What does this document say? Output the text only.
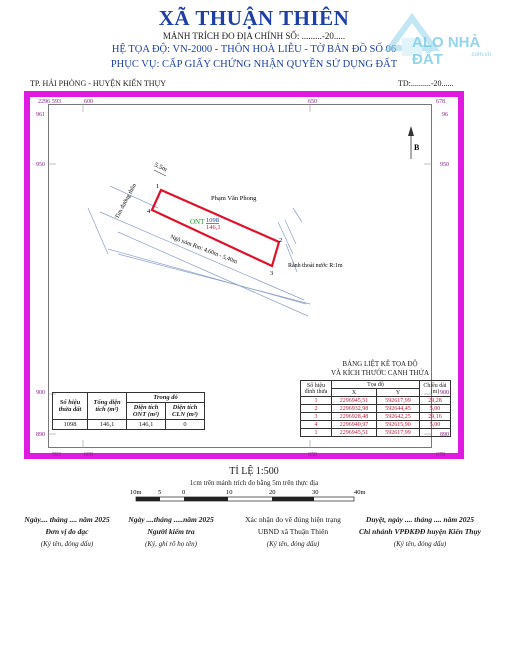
XÃ THUẬN THIÊN
MẢNH TRÍCH ĐO ĐỊA CHÍNH SỐ: .........-20.....
HỆ TỌA ĐỘ: VN-2000 - THÔN HOÀ LIỄU - TỜ BẢN ĐỒ SỐ 06
PHỤC VỤ: CẤP GIẤY CHỨNG NHẬN QUYỀN SỬ DỤNG ĐẤT
TP. HẢI PHÒNG - HUYỆN KIẾN THỤY	TD:..........-20......
ALO NHÀ ĐẤT	.com.vn
2296 593	600
961
650	678
96
950	950
900	900
890	890
593	600	650	678
B
5.5m
1
2
3
4
Phạm Văn Phong
ONT 1098
146,1
Tim đường thôn
Ngõ xóm Rm: 4,60m - 5,40m
Rãnh thoát nước R:1m
Số hiệu thửa đất	Tổng diện tích (m²)	Trong đó	
		Diện tích ONT (m²)	Diện tích CLN (m²)
1098	146,1	146,1	0
BẢNG LIỆT KÊ TỌA ĐỘ
VÀ KÍCH THƯỚC CẠNH THỬA
Số hiệu đỉnh thửa	Tọa độ		Chiều dài (m)
	X	Y	
1	2296945,51	592617,99	29,28
2	2296932,98	592644,45	5,00
3	2296928,48	592642,25	29,16
4	2296940,97	592615,90	5,00
1	2296945,51	592617,99	
TỈ LỆ 1:500
1cm trên mảnh trích đo bằng 5m trên thực địa
10m	5	0	10	20	30	40m
Ngày.... tháng .... năm 2025
Đơn vị đo đạc
(Ký tên, đóng dấu)
Ngày ....tháng .....năm 2025
Người kiểm tra
(Ký, ghi rõ họ tên)
Xác nhận đo vẽ đúng hiện trạng
UBND xã Thuận Thiên
(Ký tên, đóng dấu)
Duyệt, ngày .... tháng .... năm 2025
Chi nhánh VPĐKĐĐ huyện Kiến Thụy
(Ký tên, đóng dấu)
